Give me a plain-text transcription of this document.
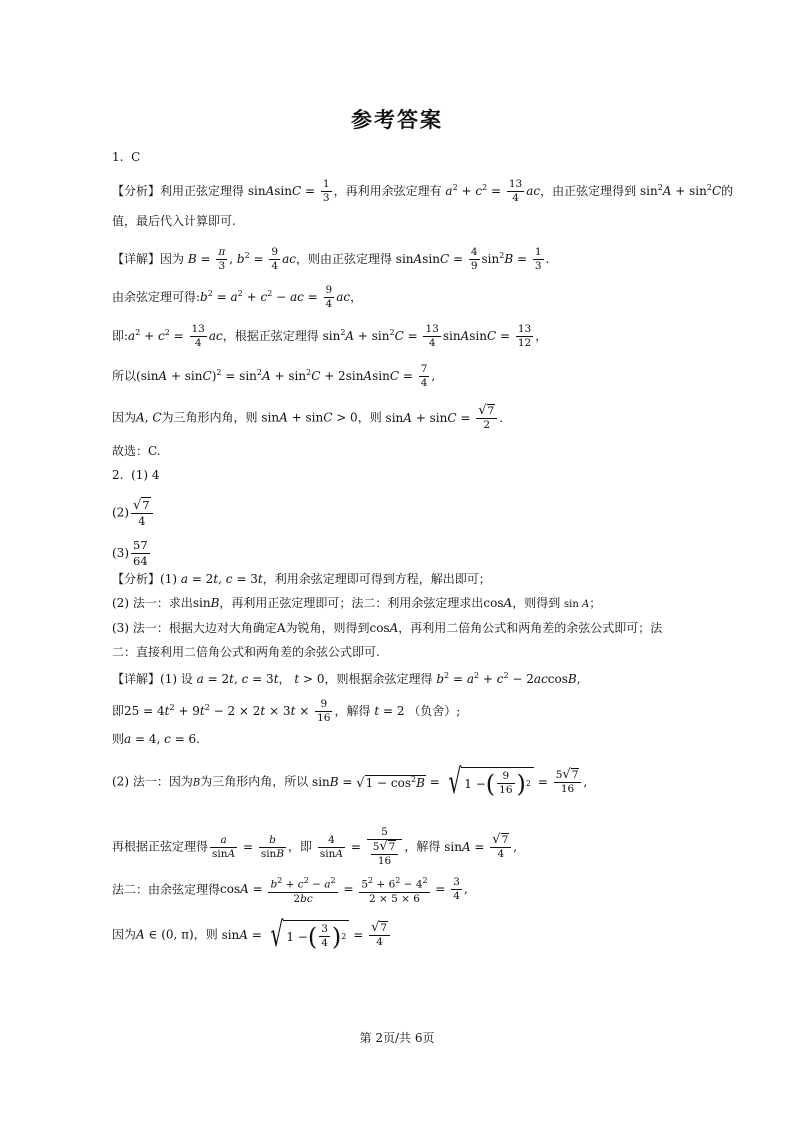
参考答案
1. C
【分析】利用正弦定理得 sinAsinC = $\frac{1}{3}$ ，再利用余弦定理有 $a^2 + c^2 = \frac{13}{4}$ ac，由正弦定理得到 $\sin^2A + \sin^2C$的
值，最后代入计算即可.
【详解】因为 $B = \frac{\pi}{3}$ , $b^2 = \frac{9}{4}$ ac，则由正弦定理得 sinAsinC = $\frac{4}{9} \sin^2B = \frac{1}{3}$ .
由余弦定理可得$:b^2 = a^2 + c^2$ − ac = $\frac{9}{4}$ ac，
即$:a^2 + c^2 = \frac{13}{4}$ ac，根据正弦定理得 $\sin^2A + \sin^2C = \frac{13}{4}$ sinAsinC = $\frac{13}{12}$ ，
所以$(\sin A + \sin C)^2 = \sin^2A + \sin^2C$ + 2sinAsinC = $\frac{7}{4}$ ,
因为A, C为三角形内角，则 sinA + sinC > 0，则 $\sin A + \sin C = \frac{√7}{2}$ .
故选：C.
2. (1) 4
$(2) \frac{√7}{4}$
$(3) \frac{57}{64}$
【分析】(1) a = 2t, c = 3t，利用余弦定理即可得到方程，解出即可；
(2) 法一：求出sinB，再利用正弦定理即可；法二：利用余弦定理求出cosA，则得到 sin A；
(3) 法一：根据大边对大角确定A为锐角，则得到cosA，再利用二倍角公式和两角差的余弦公式即可；法
二：直接利用二倍角公式和两角差的余弦公式即可.
【详解】(1) 设 a = 2t, c = 3t， t > 0，则根据余弦定理得 $b^2 = a^2 + c^2 - 2accosB$,
即$25 = 4t^2 + 9t^2 - 2 \times 2t \times 3t \times \frac{9}{16}$ ，解得 t = 2 （负舍）;
则a = 4, c = 6.
(2) 法一：因为B为三角形内角，所以 $\sin B = √1 - \cos^2B$ = √ 1 − ( $\frac{9}{16}$ ) $2 = \frac{5√7}{16}$ ,
再根据正弦定理得 $\frac{a}{\sin A} = \frac{b}{\sin B}$ ，即 $\frac{4}{\sin A} = \frac{5}{\frac{5√7}{16}}$ ，解得 $\sin A = \frac{√7}{4}$ ,
法二：由余弦定理得$\cos A = \frac{b^2 + c^2 - a^2}{2bc} = \frac{5^2 + 6^2 - 4^2}{2 \times 5 \times 6} = \frac{3}{4}$ ,
因为A ∈ (0, π)，则 sinA = √ 1 − ( $\frac{3}{4}$ ) $2 = \frac{√7}{4}$
第 2页/共 6页
